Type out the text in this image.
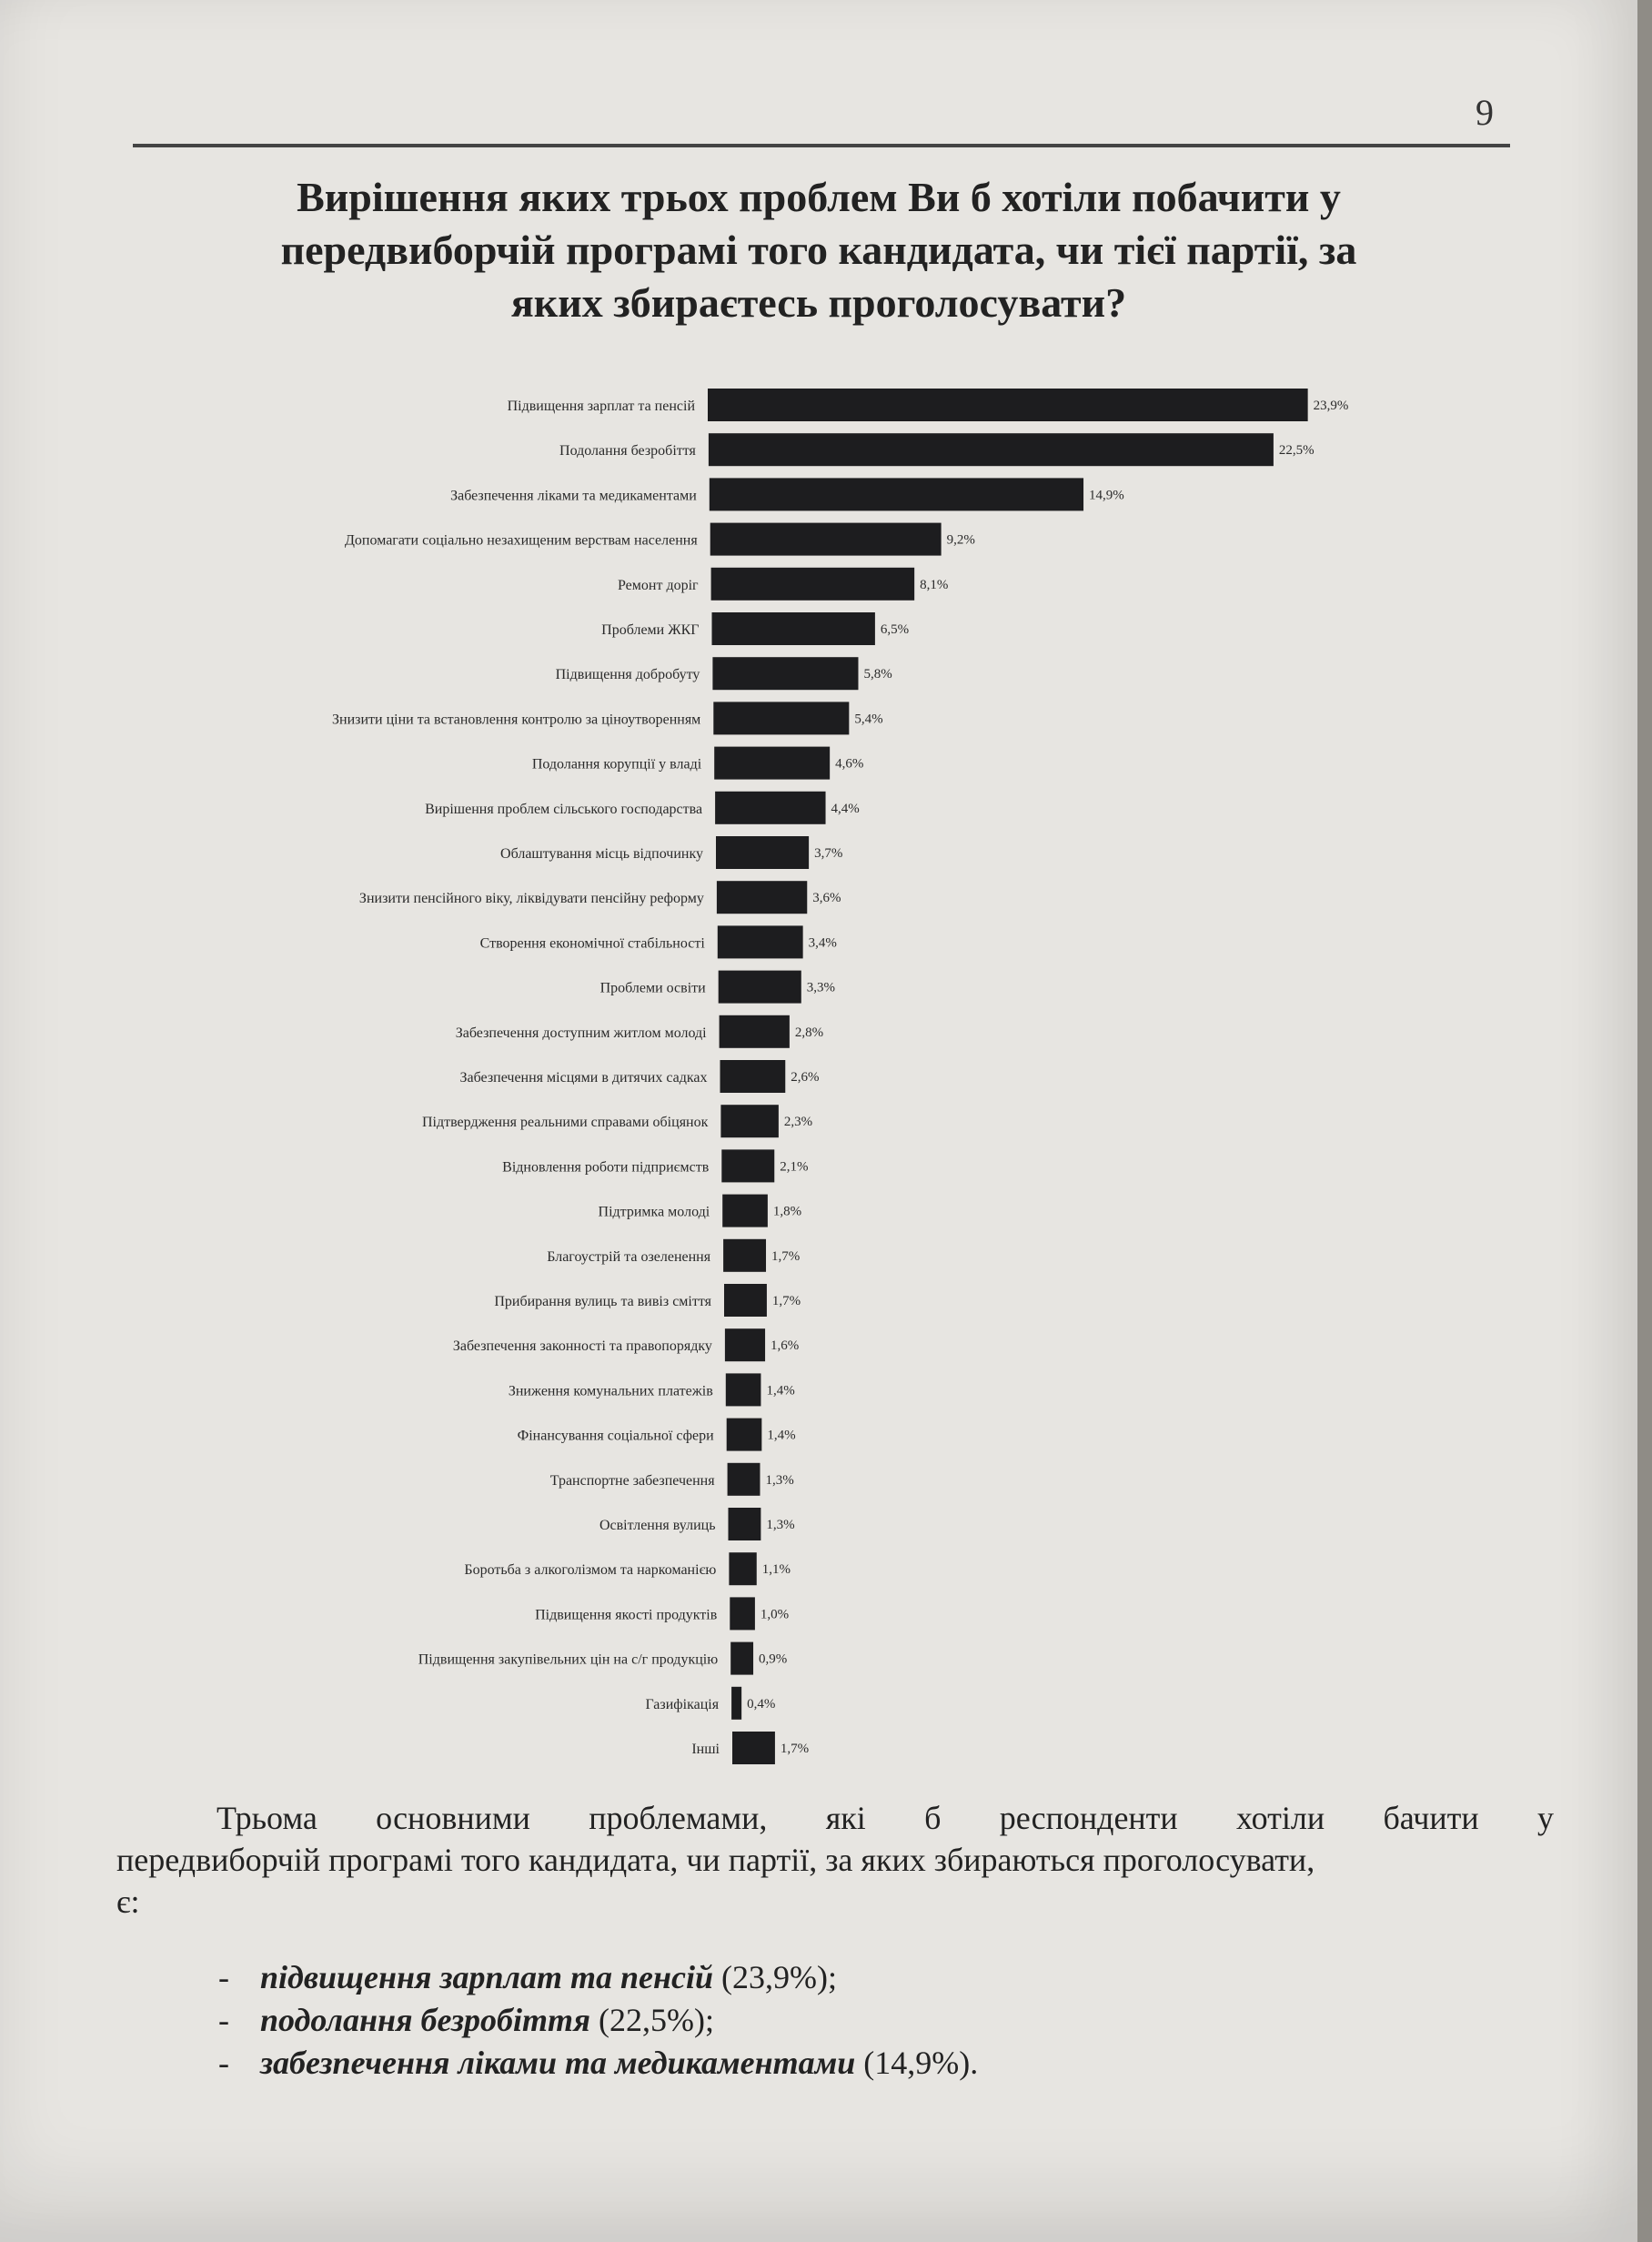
9
Вирішення яких трьох проблем Ви б хотіли побачити у
передвиборчій програмі того кандидата, чи тієї партії, за
яких збираєтесь проголосувати?
Підвищення зарплат та пенсій	23,9%
Подолання безробіття	22,5%
Забезпечення ліками та медикаментами	14,9%
Допомагати соціально незахищеним верствам населення	9,2%
Ремонт доріг	8,1%
Проблеми ЖКГ	6,5%
Підвищення добробуту	5,8%
Знизити ціни та встановлення контролю за ціноутворенням	5,4%
Подолання корупції у владі	4,6%
Вирішення проблем сільського господарства	4,4%
Облаштування місць відпочинку	3,7%
Знизити пенсійного віку, ліквідувати пенсійну реформу	3,6%
Створення економічної стабільності	3,4%
Проблеми освіти	3,3%
Забезпечення доступним житлом молоді	2,8%
Забезпечення місцями в дитячих садках	2,6%
Підтвердження реальними справами обіцянок	2,3%
Відновлення роботи підприємств	2,1%
Підтримка молоді	1,8%
Благоустрій та озеленення	1,7%
Прибирання вулиць та вивіз сміття	1,7%
Забезпечення законності та правопорядку	1,6%
Зниження комунальних платежів	1,4%
Фінансування соціальної сфери	1,4%
Транспортне забезпечення	1,3%
Освітлення вулиць	1,3%
Боротьба з алкоголізмом та наркоманією	1,1%
Підвищення якості продуктів	1,0%
Підвищення закупівельних цін на с/г продукцію	0,9%
Газифікація 0,4%
Інші	1,7%
Трьома основними проблемами, які б респонденти хотіли бачити у
передвиборчій програмі того кандидата, чи партії, за яких збираються проголосувати,
є:
- підвищення зарплат та пенсій (23,9%);
- подолання безробіття (22,5%);
- забезпечення ліками та медикаментами (14,9%).
